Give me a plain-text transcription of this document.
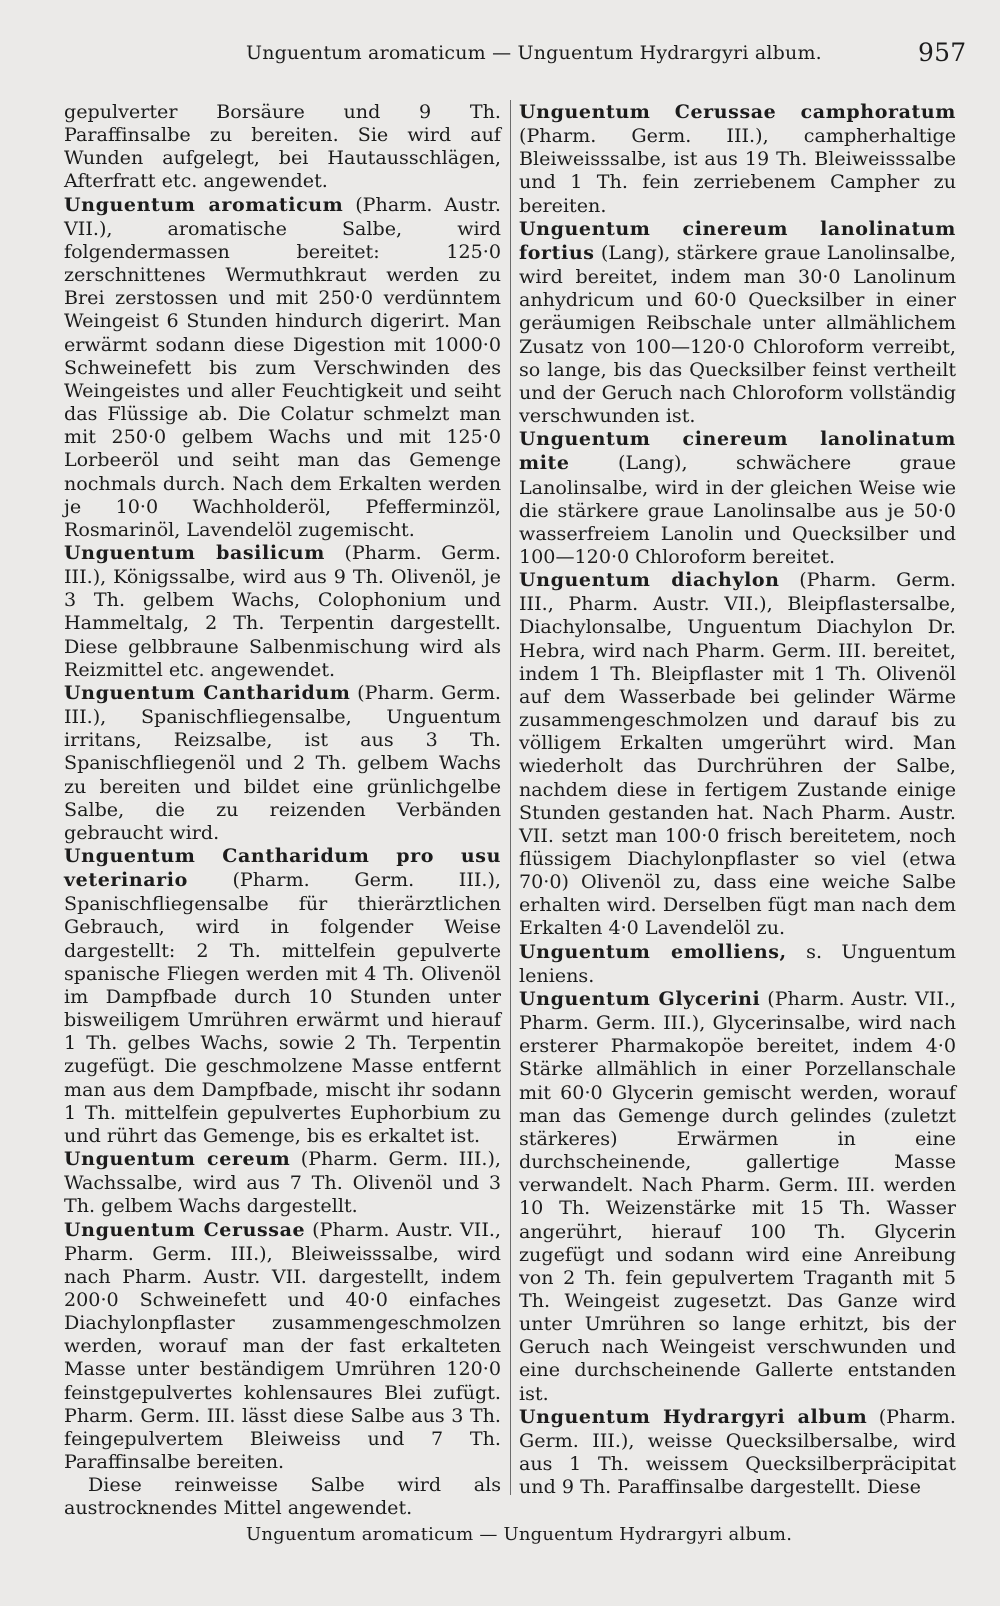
Unguentum aromaticum — Unguentum Hydrargyri album.	957

gepulverter Borsäure und 9 Th. Paraffinsalbe zu bereiten. Sie wird auf Wunden aufgelegt, bei Hautausschlägen, Afterfratt etc. angewendet.

Unguentum aromaticum (Pharm. Austr. VII.), aromatische Salbe, wird folgendermassen bereitet: 125·0 zerschnittenes Wermuthkraut werden zu Brei zerstossen und mit 250·0 verdünntem Weingeist 6 Stunden hindurch digerirt. Man erwärmt sodann diese Digestion mit 1000·0 Schweinefett bis zum Verschwinden des Weingeistes und aller Feuchtigkeit und seiht das Flüssige ab. Die Colatur schmelzt man mit 250·0 gelbem Wachs und mit 125·0 Lorbeeröl und seiht man das Gemenge nochmals durch. Nach dem Erkalten werden je 10·0 Wachholderöl, Pfefferminzöl, Rosmarinöl, Lavendelöl zugemischt.

Unguentum basilicum (Pharm. Germ. III.), Königssalbe, wird aus 9 Th. Olivenöl, je 3 Th. gelbem Wachs, Colophonium und Hammeltalg, 2 Th. Terpentin dargestellt. Diese gelbbraune Salbenmischung wird als Reizmittel etc. angewendet.

Unguentum Cantharidum (Pharm. Germ. III.), Spanischfliegensalbe, Unguentum irritans, Reizsalbe, ist aus 3 Th. Spanischfliegenöl und 2 Th. gelbem Wachs zu bereiten und bildet eine grünlichgelbe Salbe, die zu reizenden Verbänden gebraucht wird.

Unguentum Cantharidum pro usu veterinario (Pharm. Germ. III.), Spanischfliegensalbe für thierärztlichen Gebrauch, wird in folgender Weise dargestellt: 2 Th. mittelfein gepulverte spanische Fliegen werden mit 4 Th. Olivenöl im Dampfbade durch 10 Stunden unter bisweiligem Umrühren erwärmt und hierauf 1 Th. gelbes Wachs, sowie 2 Th. Terpentin zugefügt. Die geschmolzene Masse entfernt man aus dem Dampfbade, mischt ihr sodann 1 Th. mittelfein gepulvertes Euphorbium zu und rührt das Gemenge, bis es erkaltet ist.

Unguentum cereum (Pharm. Germ. III.), Wachssalbe, wird aus 7 Th. Olivenöl und 3 Th. gelbem Wachs dargestellt.

Unguentum Cerussae (Pharm. Austr. VII., Pharm. Germ. III.), Bleiweisssalbe, wird nach Pharm. Austr. VII. dargestellt, indem 200·0 Schweinefett und 40·0 einfaches Diachylonpflaster zusammengeschmolzen werden, worauf man der fast erkalteten Masse unter beständigem Umrühren 120·0 feinstgepulvertes kohlensaures Blei zufügt. Pharm. Germ. III. lässt diese Salbe aus 3 Th. feingepulvertem Bleiweiss und 7 Th. Paraffinsalbe bereiten.

Diese reinweisse Salbe wird als austrocknendes Mittel angewendet.

Unguentum Cerussae camphoratum (Pharm. Germ. III.), campherhaltige Bleiweisssalbe, ist aus 19 Th. Bleiweisssalbe und 1 Th. fein zerriebenem Campher zu bereiten.

Unguentum cinereum lanolinatum fortius (Lang), stärkere graue Lanolinsalbe, wird bereitet, indem man 30·0 Lanolinum anhydricum und 60·0 Quecksilber in einer geräumigen Reibschale unter allmählichem Zusatz von 100—120·0 Chloroform verreibt, so lange, bis das Quecksilber feinst vertheilt und der Geruch nach Chloroform vollständig verschwunden ist.

Unguentum cinereum lanolinatum mite (Lang), schwächere graue Lanolinsalbe, wird in der gleichen Weise wie die stärkere graue Lanolinsalbe aus je 50·0 wasserfreiem Lanolin und Quecksilber und 100—120·0 Chloroform bereitet.

Unguentum diachylon (Pharm. Germ. III., Pharm. Austr. VII.), Bleipflastersalbe, Diachylonsalbe, Unguentum Diachylon Dr. Hebra, wird nach Pharm. Germ. III. bereitet, indem 1 Th. Bleipflaster mit 1 Th. Olivenöl auf dem Wasserbade bei gelinder Wärme zusammengeschmolzen und darauf bis zu völligem Erkalten umgerührt wird. Man wiederholt das Durchrühren der Salbe, nachdem diese in fertigem Zustande einige Stunden gestanden hat. Nach Pharm. Austr. VII. setzt man 100·0 frisch bereitetem, noch flüssigem Diachylonpflaster so viel (etwa 70·0) Olivenöl zu, dass eine weiche Salbe erhalten wird. Derselben fügt man nach dem Erkalten 4·0 Lavendelöl zu.

Unguentum emolliens, s. Unguentum leniens.

Unguentum Glycerini (Pharm. Austr. VII., Pharm. Germ. III.), Glycerinsalbe, wird nach ersterer Pharmakopöe bereitet, indem 4·0 Stärke allmählich in einer Porzellanschale mit 60·0 Glycerin gemischt werden, worauf man das Gemenge durch gelindes (zuletzt stärkeres) Erwärmen in eine durchscheinende, gallertige Masse verwandelt. Nach Pharm. Germ. III. werden 10 Th. Weizenstärke mit 15 Th. Wasser angerührt, hierauf 100 Th. Glycerin zugefügt und sodann wird eine Anreibung von 2 Th. fein gepulvertem Traganth mit 5 Th. Weingeist zugesetzt. Das Ganze wird unter Umrühren so lange erhitzt, bis der Geruch nach Weingeist verschwunden und eine durchscheinende Gallerte entstanden ist.

Unguentum Hydrargyri album (Pharm. Germ. III.), weisse Quecksilbersalbe, wird aus 1 Th. weissem Quecksilberpräcipitat und 9 Th. Paraffinsalbe dargestellt. Diese

Unguentum aromaticum — Unguentum Hydrargyri album.
